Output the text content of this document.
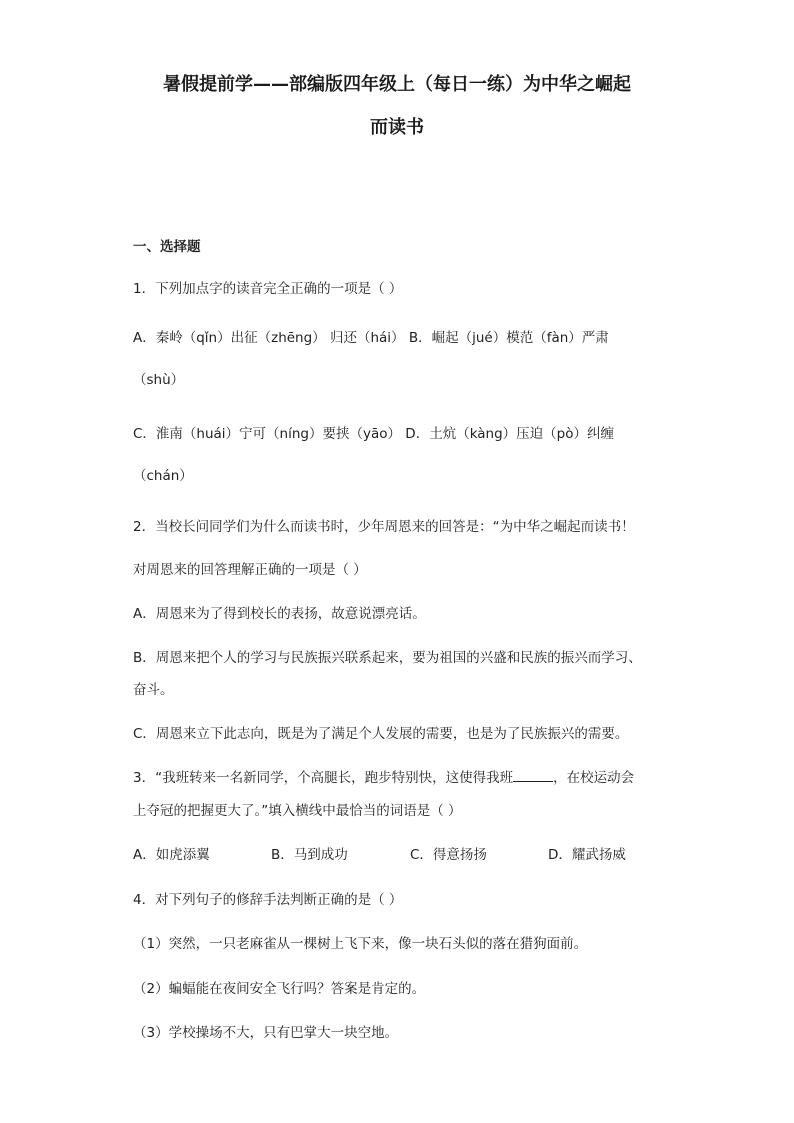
暑假提前学——部编版四年级上（每日一练）为中华之崛起
而读书
一、选择题
1．下列加点字的读音完全正确的一项是（ ）
A．秦岭（qǐn）出征（zhēng） 归还（hái） B．崛起（jué）模范（fàn）严肃
（shù）
C．淮南（huái）宁可（níng）要挟（yāo） D．土炕（kàng）压迫（pò）纠缠
（chán）
2．当校长问同学们为什么而读书时，少年周恩来的回答是：“为中华之崛起而读书！
对周恩来的回答理解正确的一项是（ ）
A．周恩来为了得到校长的表扬，故意说漂亮话。
B．周恩来把个人的学习与民族振兴联系起来，要为祖国的兴盛和民族的振兴而学习、
奋斗。
C．周恩来立下此志向，既是为了满足个人发展的需要，也是为了民族振兴的需要。
3．“我班转来一名新同学，个高腿长，跑步特别快，这使得我班	，在校运动会
上夺冠的把握更大了。”填入横线中最恰当的词语是（ ）
A．如虎添翼	B．马到成功	C．得意扬扬	D．耀武扬威
4．对下列句子的修辞手法判断正确的是（ ）
（1）突然，一只老麻雀从一棵树上飞下来，像一块石头似的落在猎狗面前。
（2）蝙蝠能在夜间安全飞行吗？答案是肯定的。
（3）学校操场不大，只有巴掌大一块空地。
